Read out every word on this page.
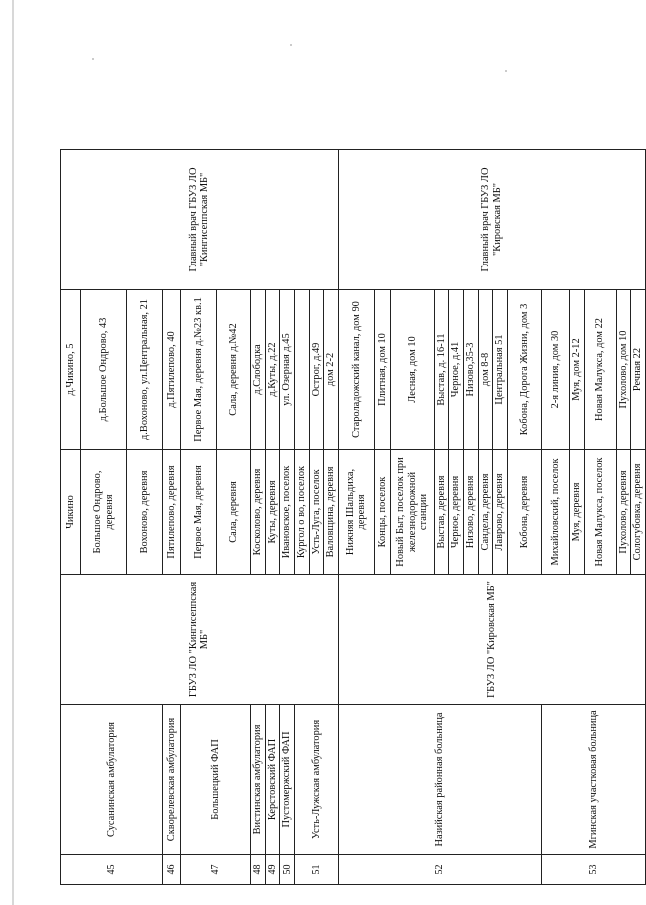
45	Сусанинская амбулатория	ГБУЗ ЛО "Кингисеппская МБ"	Чикино	д.Чикино, 5	Главный врач ГБУЗ ЛО "Кингисеппская МБ"
			Большое Ондрово, деревня	д.Большое Ондрово, 43	
			Вохоново, деревня	д.Вохоново, ул.Центральная, 21	
46	Скворелевская амбулатория		Пятилепово, деревня	д.Пятилепово, 40	
47	Большецкий ФАП		Первое Мая, деревня	Первое Мая, деревня д.№23 кв.1	
			Сала, деревня	Сала, деревня д.№42	
48	Вистинская амбулатория		Косколово, деревня	д.Слободка	
49	Керстовский ФАП		Куты, деревня	д.Куты, д.22	
50	Пустомержский ФАП		Ивановское, поселок	ул. Озерная д.45	
51	Усть-Лужская амбулатория		Кургол о во, поселок		
			Усть-Луга, поселок	Острог, д.49	
			Валовщина, деревня	дом 2-2	
52	Назийская районная больница	ГБУЗ ЛО "Кировская МБ"	Нижняя Шальдиха, деревня	Староладожский канал, дом 90	Главный врач ГБУЗ ЛО "Кировская МБ"
			Концы, поселок	Плитная, дом 10	
			Новый Быт, поселок при железнодорожной станции	Лесная, дом 10	
			Выстав, деревня	Выстав, д. 16-11	
			Черное, деревня	Черное, д.41	
			Низово, деревня	Низово,35-3	
			Сандела, деревня	дом 8-8	
			Лаврово, деревня	Центральная 51	
			Кобона, деревня	Кобона, Дорога Жизни, дом 3	
53	Мгинская участковая больница		Михайловский, поселок	2-я линия, дом 30	
			Муя, деревня	Муя, дом 2-12	
			Новая Малукса, поселок	Новая Малукса, дом 22	
			Пухолово, деревня	Пухолово, дом 10	
			Сологубовка, деревня	Речная 22	
